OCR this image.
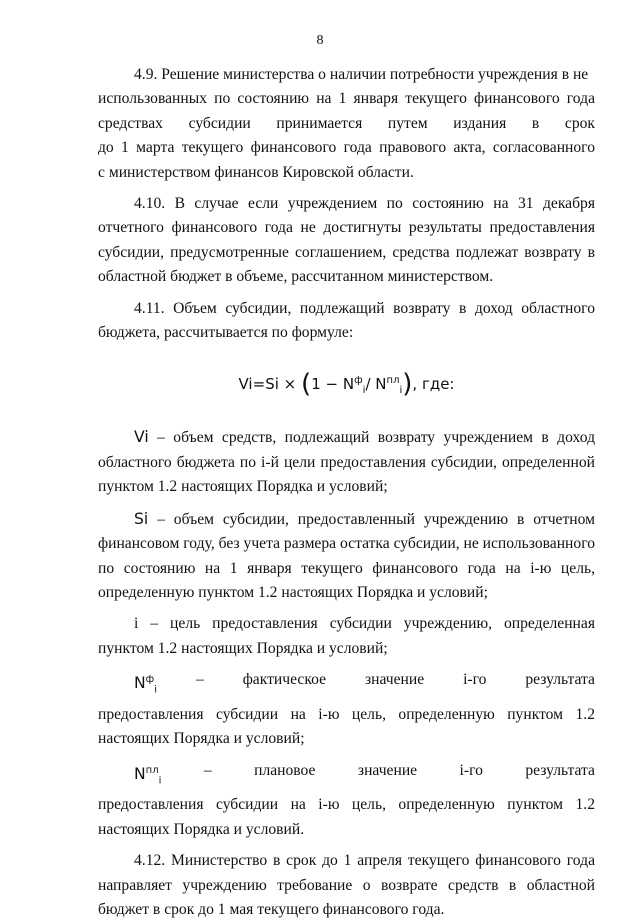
8

4.9. Решение министерства о наличии потребности учреждения в не

использованных по состоянию на 1 января текущего финансового года

средствах субсидии принимается путем издания в срок

до 1 марта текущего финансового года правового акта, согласованного

с министерством финансов Кировской области.

4.10. В случае если учреждением по состоянию на 31 декабря отчетного финансового года не достигнуты результаты предоставления субсидии, предусмотренные соглашением, средства подлежат возврату в областной бюджет в объеме, рассчитанном министерством.

4.11. Объем субсидии, подлежащий возврату в доход областного бюджета, рассчитывается по формуле:

$Vi=Si \times (1 - N^ф_i/$ $N^{пл}_i$), где:

Vi – объем средств, подлежащий возврату учреждением в доход областного бюджета по i-й цели предоставления субсидии, определенной пунктом 1.2 настоящих Порядка и условий;

Si – объем субсидии, предоставленный учреждению в отчетном финансовом году, без учета размера остатка субсидии, не использованного по состоянию на 1 января текущего финансового года на i-ю цель, определенную пунктом 1.2 настоящих Порядка и условий;

i – цель предоставления субсидии учреждению, определенная пунктом 1.2 настоящих Порядка и условий;

$N^ф_i$
– фактическое значение i-го результата

предоставления субсидии на i-ю цель, определенную пунктом 1.2 настоящих Порядка и условий;

$N^{пл}_i$
–	плановое	значение	i-го	результата

предоставления субсидии на i-ю цель, определенную пунктом 1.2 настоящих Порядка и условий.

4.12. Министерство в срок до 1 апреля текущего финансового года направляет учреждению требование о возврате средств в областной бюджет в срок до 1 мая текущего финансового года.
